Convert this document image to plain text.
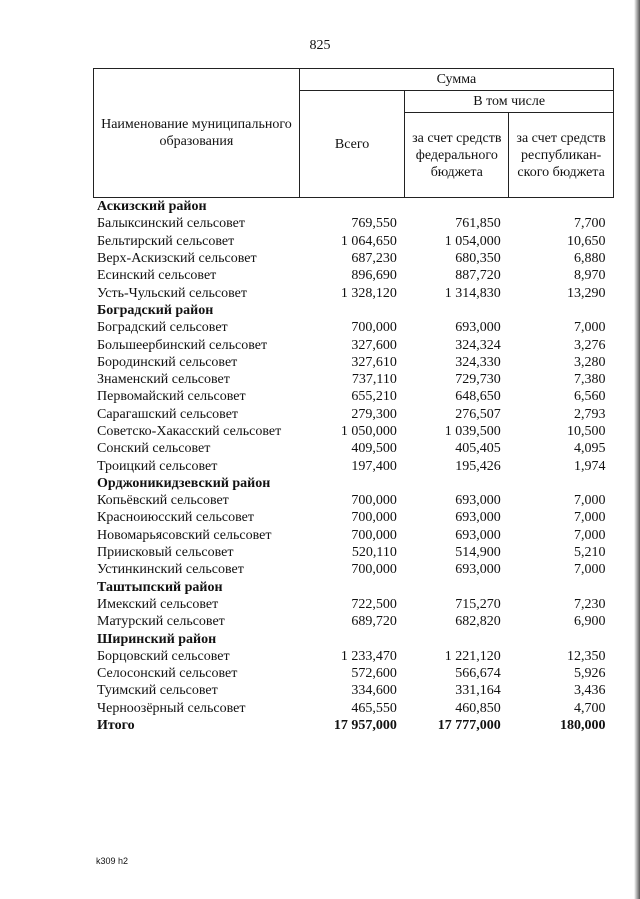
825
Наименование муниципального образования	Сумма		
	Всего	В том числе	
		за счет средств федерального бюджета	за счет средств республикан-ского бюджета
Аскизский район			
Балыксинский сельсовет	769,550	761,850	7,700
Бельтирский сельсовет	1 064,650	1 054,000	10,650
Верх-Аскизский сельсовет	687,230	680,350	6,880
Есинский сельсовет	896,690	887,720	8,970
Усть-Чульский сельсовет	1 328,120	1 314,830	13,290
Боградский район			
Боградский сельсовет	700,000	693,000	7,000
Большеербинский сельсовет	327,600	324,324	3,276
Бородинский сельсовет	327,610	324,330	3,280
Знаменский сельсовет	737,110	729,730	7,380
Первомайский сельсовет	655,210	648,650	6,560
Сарагашский сельсовет	279,300	276,507	2,793
Советско-Хакасский сельсовет	1 050,000	1 039,500	10,500
Сонский сельсовет	409,500	405,405	4,095
Троицкий сельсовет	197,400	195,426	1,974
Орджоникидзевский район			
Копьёвский сельсовет	700,000	693,000	7,000
Красноиюсский сельсовет	700,000	693,000	7,000
Новомарьясовский сельсовет	700,000	693,000	7,000
Приисковый сельсовет	520,110	514,900	5,210
Устинкинский сельсовет	700,000	693,000	7,000
Таштыпский район			
Имекский сельсовет	722,500	715,270	7,230
Матурский сельсовет	689,720	682,820	6,900
Ширинский район			
Борцовский сельсовет	1 233,470	1 221,120	12,350
Селосонский сельсовет	572,600	566,674	5,926
Туимский сельсовет	334,600	331,164	3,436
Черноозёрный сельсовет	465,550	460,850	4,700
Итого	17 957,000	17 777,000	180,000
k309 h2
